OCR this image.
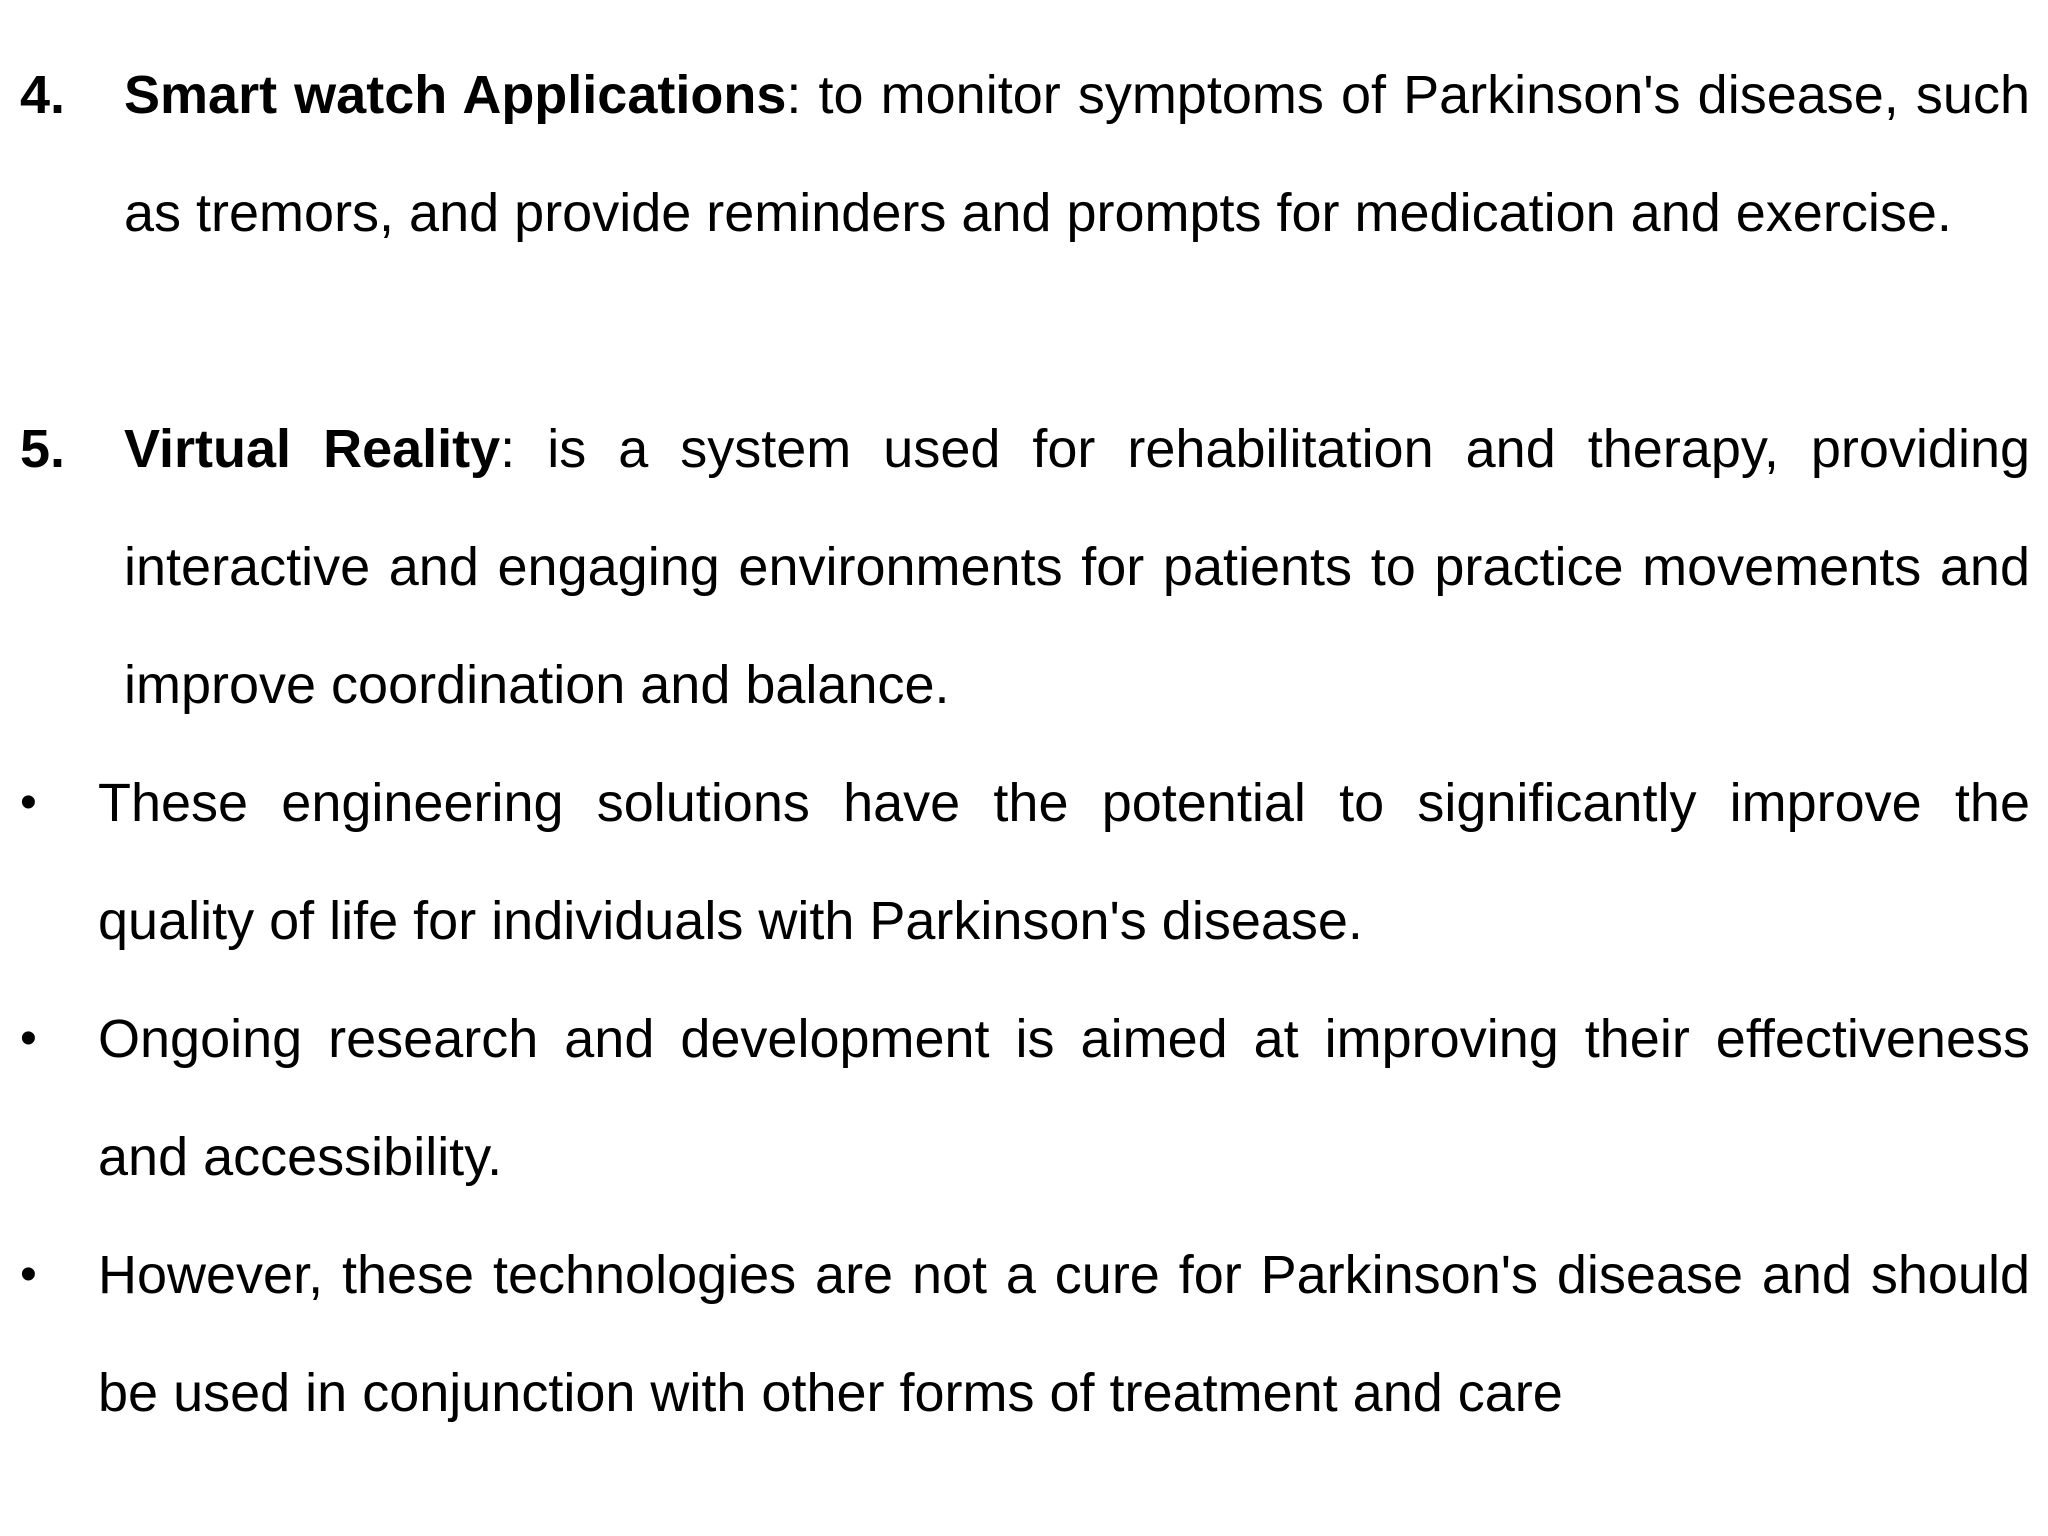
4. Smart watch Applications: to monitor symptoms of Parkinson's disease, such as tremors, and provide reminders and prompts for medication and exercise.
5. Virtual Reality: is a system used for rehabilitation and therapy, providing interactive and engaging environments for patients to practice movements and improve coordination and balance.
• These engineering solutions have the potential to significantly improve the quality of life for individuals with Parkinson's disease.
• Ongoing research and development is aimed at improving their effectiveness and accessibility.
• However, these technologies are not a cure for Parkinson's disease and should be used in conjunction with other forms of treatment and care
